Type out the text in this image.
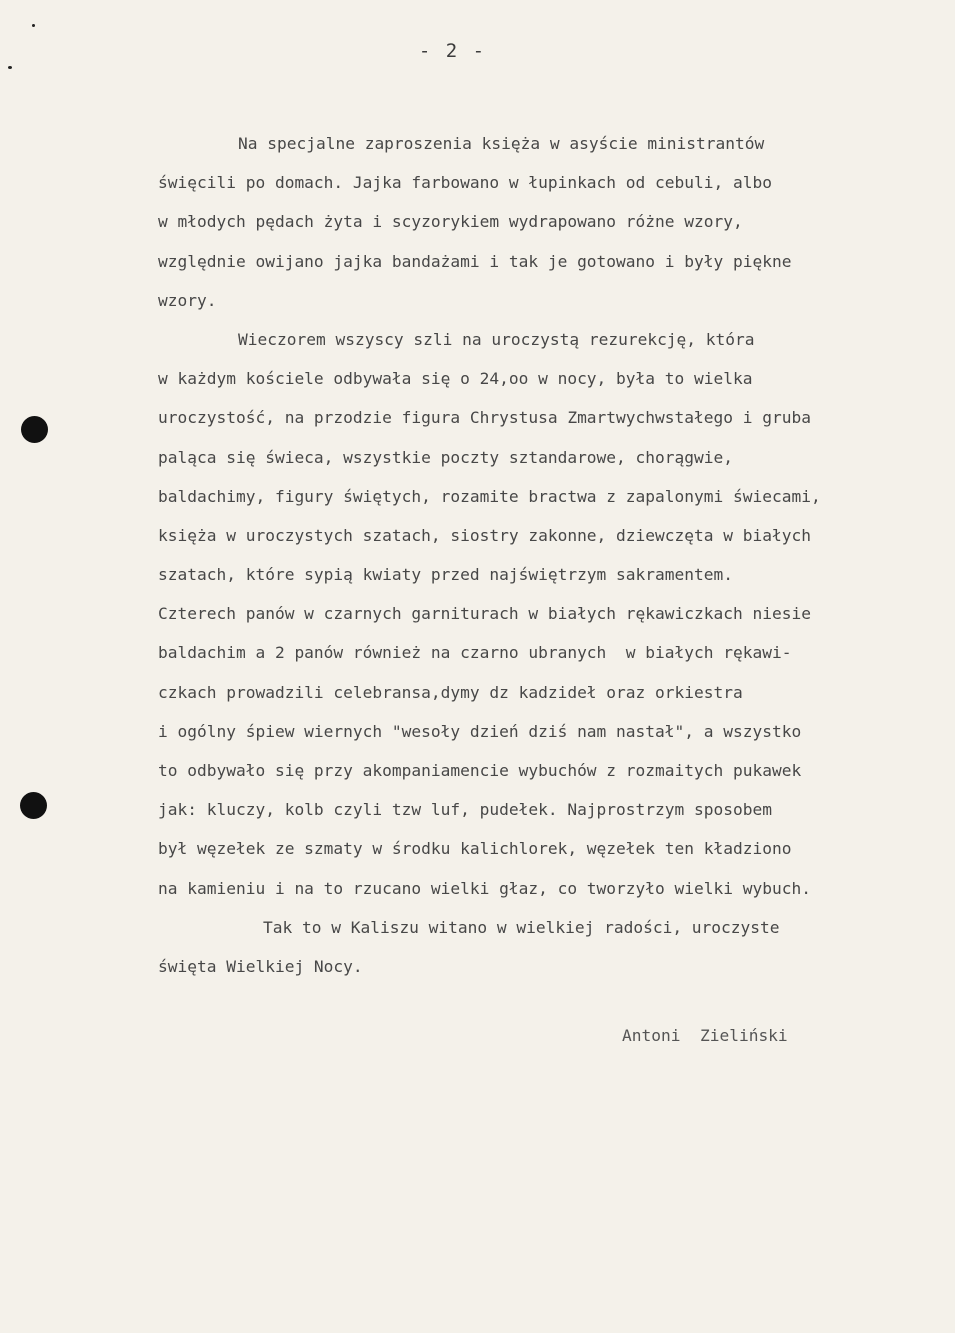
- 2 -
Na specjalne zaproszenia księża w asyście ministrantów
święcili po domach. Jajka farbowano w łupinkach od cebuli, albo
w młodych pędach żyta i scyzorykiem wydrapowano różne wzory,
względnie owijano jajka bandażami i tak je gotowano i były piękne
wzory.
Wieczorem wszyscy szli na uroczystą rezurekcję, która
w każdym kościele odbywała się o 24,oo w nocy, była to wielka
uroczystość, na przodzie figura Chrystusa Zmartwychwstałego i gruba
paląca się świeca, wszystkie poczty sztandarowe, chorągwie,
baldachimy, figury świętych, rozamite bractwa z zapalonymi świecami,
księża w uroczystych szatach, siostry zakonne, dziewczęta w białych
szatach, które sypią kwiaty przed najświętrzym sakramentem.
Czterech panów w czarnych garniturach w białych rękawiczkach niesie
baldachim a 2 panów również na czarno ubranych  w białych rękawi-
czkach prowadzili celebransa,dymy dz kadzideł oraz orkiestra
i ogólny śpiew wiernych "wesoły dzień dziś nam nastał", a wszystko
to odbywało się przy akompaniamencie wybuchów z rozmaitych pukawek
jak: kluczy, kolb czyli tzw luf, pudełek. Najprostrzym sposobem
był węzełek ze szmaty w środku kalichlorek, węzełek ten kładziono
na kamieniu i na to rzucano wielki głaz, co tworzyło wielki wybuch.
Tak to w Kaliszu witano w wielkiej radości, uroczyste
święta Wielkiej Nocy.
Antoni  Zieliński
